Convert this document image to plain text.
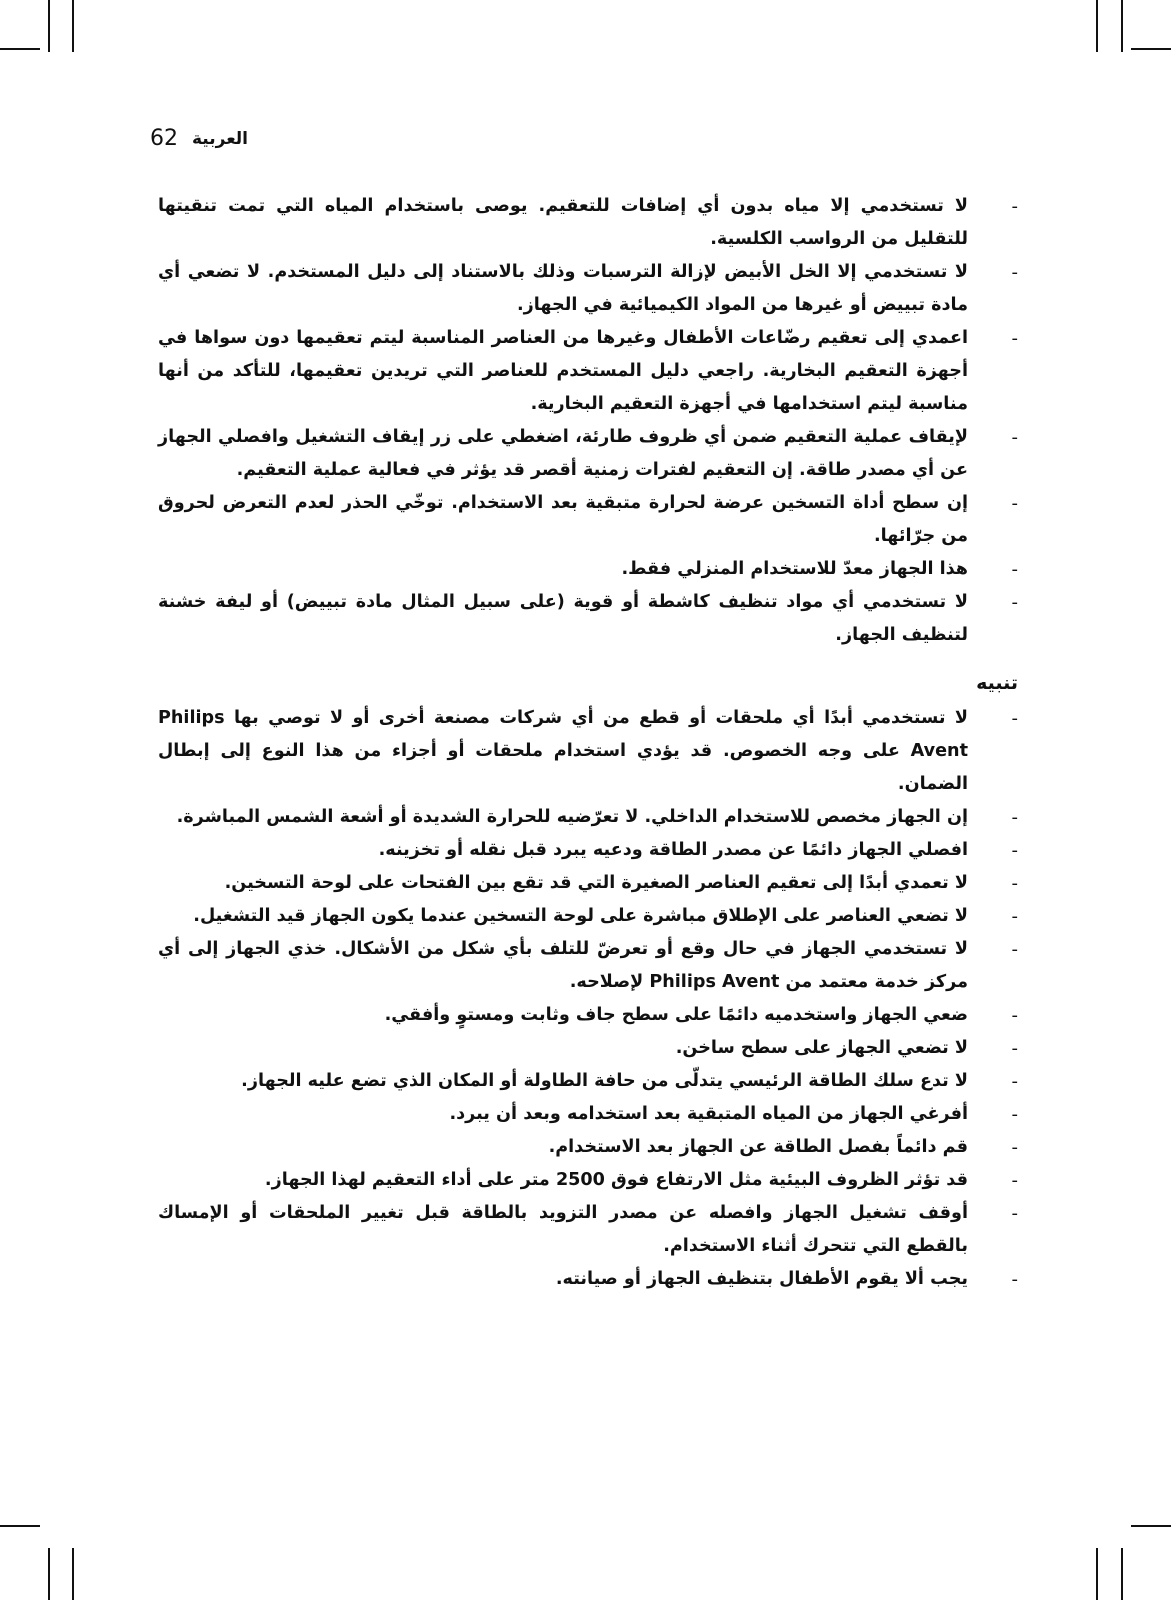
62 العربية
-
لا تستخدمي إلا مياه بدون أي إضافات للتعقيم. يوصى باستخدام المياه التي تمت تنقيتها للتقليل من الرواسب الكلسية.
-
لا تستخدمي إلا الخل الأبيض لإزالة الترسبات وذلك بالاستناد إلى دليل المستخدم. لا تضعي أي مادة تبييض أو غيرها من المواد الكيميائية في الجهاز.
-
اعمدي إلى تعقيم رضّاعات الأطفال وغيرها من العناصر المناسبة ليتم تعقيمها دون سواها في أجهزة التعقيم البخارية. راجعي دليل المستخدم للعناصر التي تريدين تعقيمها، للتأكد من أنها مناسبة ليتم استخدامها في أجهزة التعقيم البخارية.
-
لإيقاف عملية التعقيم ضمن أي ظروف طارئة، اضغطي على زر إيقاف التشغيل وافصلي الجهاز عن أي مصدر طاقة. إن التعقيم لفترات زمنية أقصر قد يؤثر في فعالية عملية التعقيم.
-
إن سطح أداة التسخين عرضة لحرارة متبقية بعد الاستخدام. توخّي الحذر لعدم التعرض لحروق من جرّائها.
-
هذا الجهاز معدّ للاستخدام المنزلي فقط.
-
لا تستخدمي أي مواد تنظيف كاشطة أو قوية (على سبيل المثال مادة تبييض) أو ليفة خشنة لتنظيف الجهاز.
تنبيه
-
لا تستخدمي أبدًا أي ملحقات أو قطع من أي شركات مصنعة أخرى أو لا توصي بها Philips Avent على وجه الخصوص. قد يؤدي استخدام ملحقات أو أجزاء من هذا النوع إلى إبطال الضمان.
-
إن الجهاز مخصص للاستخدام الداخلي. لا تعرّضيه للحرارة الشديدة أو أشعة الشمس المباشرة.
-
افصلي الجهاز دائمًا عن مصدر الطاقة ودعيه يبرد قبل نقله أو تخزينه.
-
لا تعمدي أبدًا إلى تعقيم العناصر الصغيرة التي قد تقع بين الفتحات على لوحة التسخين.
-
لا تضعي العناصر على الإطلاق مباشرة على لوحة التسخين عندما يكون الجهاز قيد التشغيل.
-
لا تستخدمي الجهاز في حال وقع أو تعرضّ للتلف بأي شكل من الأشكال. خذي الجهاز إلى أي مركز خدمة معتمد من Philips Avent لإصلاحه.
-
ضعي الجهاز واستخدميه دائمًا على سطح جاف وثابت ومستوٍ وأفقي.
-
لا تضعي الجهاز على سطح ساخن.
-
لا تدع سلك الطاقة الرئيسي يتدلّى من حافة الطاولة أو المكان الذي تضع عليه الجهاز.
-
أفرغي الجهاز من المياه المتبقية بعد استخدامه وبعد أن يبرد.
-
قم دائماً بفصل الطاقة عن الجهاز بعد الاستخدام.
-
قد تؤثر الظروف البيئية مثل الارتفاع فوق 2500 متر على أداء التعقيم لهذا الجهاز.
-
أوقف تشغيل الجهاز وافصله عن مصدر التزويد بالطاقة قبل تغيير الملحقات أو الإمساك بالقطع التي تتحرك أثناء الاستخدام.
-
يجب ألا يقوم الأطفال بتنظيف الجهاز أو صيانته.
